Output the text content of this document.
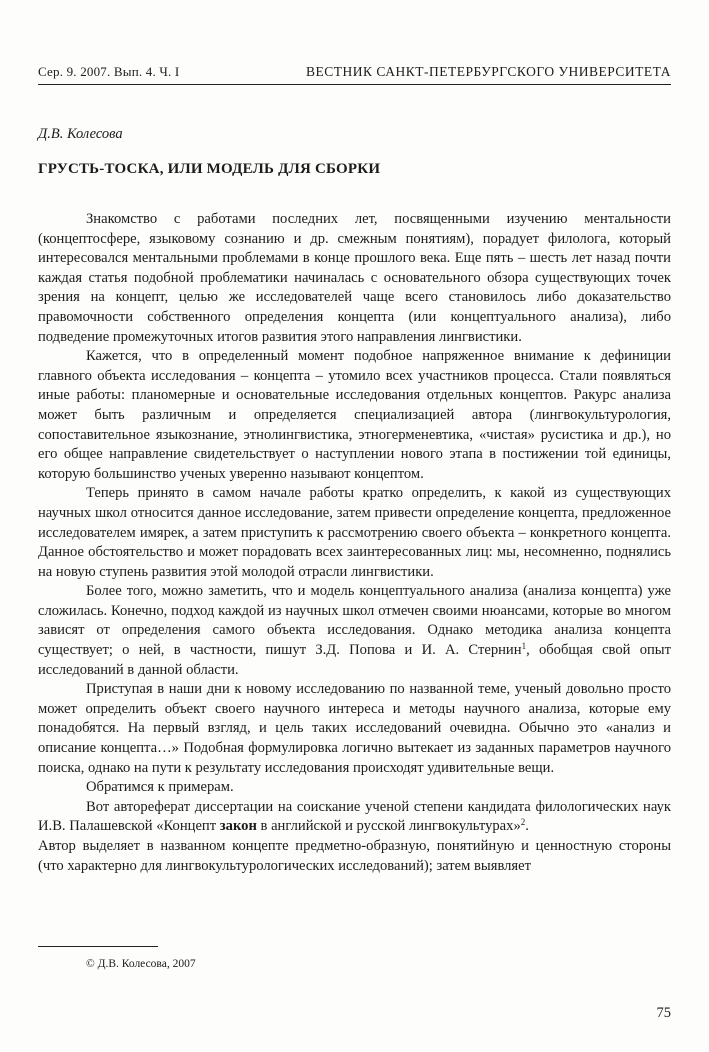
Сер. 9. 2007. Вып. 4. Ч. I	ВЕСТНИК САНКТ-ПЕТЕРБУРГСКОГО УНИВЕРСИТЕТА
Д.В. Колесова
ГРУСТЬ-ТОСКА, ИЛИ МОДЕЛЬ ДЛЯ СБОРКИ

Знакомство с работами последних лет, посвященными изучению ментальности (концептосфере, языковому сознанию и др. смежным понятиям), порадует филолога, который интересовался ментальными проблемами в конце прошлого века. Еще пять – шесть лет назад почти каждая статья подобной проблематики начиналась с основательного обзора существующих точек зрения на концепт, целью же исследователей чаще всего становилось либо доказательство правомочности собственного определения концепта (или концептуального анализа), либо подведение промежуточных итогов развития этого направления лингвистики.

Кажется, что в определенный момент подобное напряженное внимание к дефиниции главного объекта исследования – концепта – утомило всех участников процесса. Стали появляться иные работы: планомерные и основательные исследования отдельных концептов. Ракурс анализа может быть различным и определяется специализацией автора (лингвокультурология, сопоставительное языкознание, этнолингвистика, этногерменевтика, «чистая» русистика и др.), но его общее направление свидетельствует о наступлении нового этапа в постижении той единицы, которую большинство ученых уверенно называют концептом.

Теперь принято в самом начале работы кратко определить, к какой из существующих научных школ относится данное исследование, затем привести определение концепта, предложенное исследователем имярек, а затем приступить к рассмотрению своего объекта – конкретного концепта. Данное обстоятельство и может порадовать всех заинтересованных лиц: мы, несомненно, поднялись на новую ступень развития этой молодой отрасли лингвистики.

Более того, можно заметить, что и модель концептуального анализа (анализа концепта) уже сложилась. Конечно, подход каждой из научных школ отмечен своими нюансами, которые во многом зависят от определения самого объекта исследования. Однако методика анализа концепта существует; о ней, в частности, пишут З.Д. Попова и И. А. Стернин$^1$, обобщая свой опыт исследований в данной области.

Приступая в наши дни к новому исследованию по названной теме, ученый довольно просто может определить объект своего научного интереса и методы научного анализа, которые ему понадобятся. На первый взгляд, и цель таких исследований очевидна. Обычно это «анализ и описание концепта…» Подобная формулировка логично вытекает из заданных параметров научного поиска, однако на пути к результату исследования происходят удивительные вещи.

Обратимся к примерам.

Вот автореферат диссертации на соискание ученой степени кандидата филологических наук И.В. Палашевской «Концепт закон в английской и русской лингвокультурах»$^2$.

Автор выделяет в названном концепте предметно-образную, понятийную и ценностную стороны (что характерно для лингвокультурологических исследований); затем выявляет

© Д.В. Колесова, 2007
75
